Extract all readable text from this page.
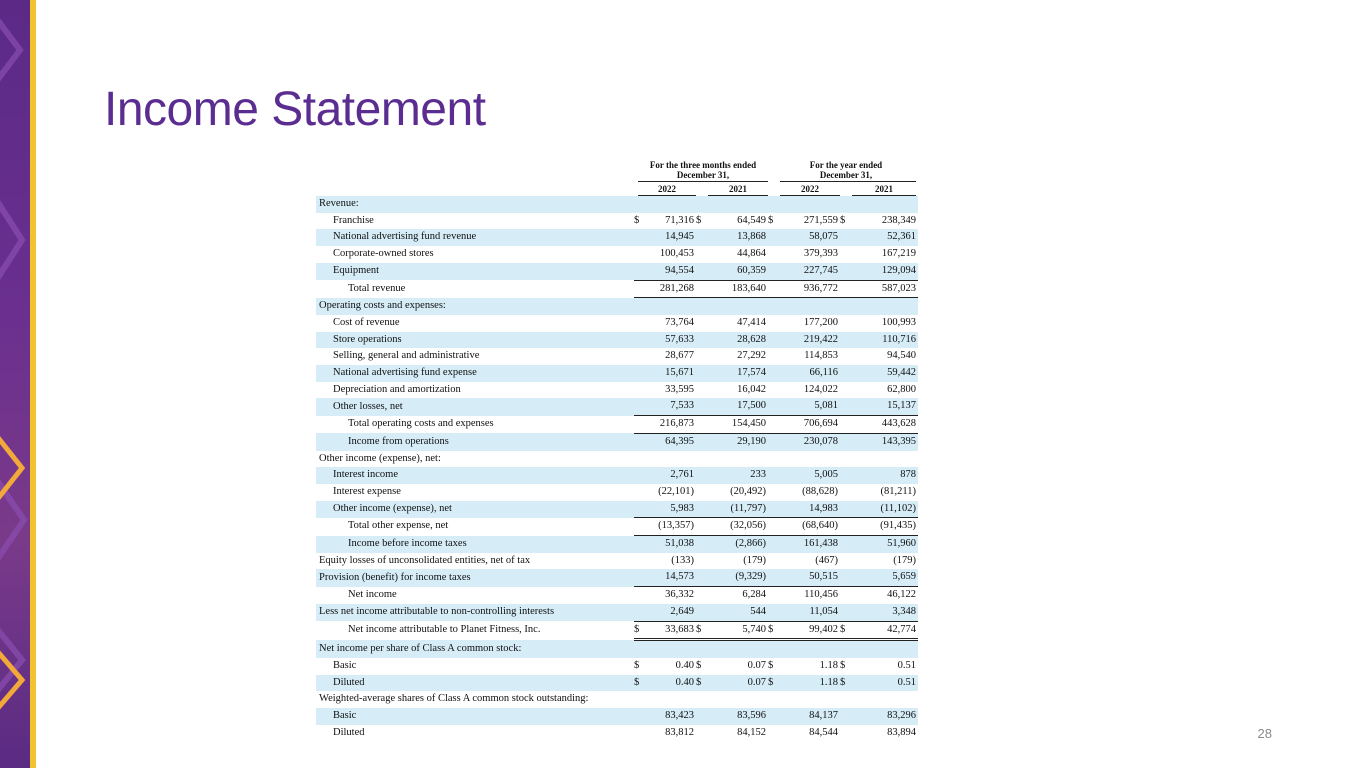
Income Statement
For the three months ended
December 31,
For the year ended
December 31,
2022	2021	2022	2021
Revenue:								
Franchise	$	71,316	$	64,549	$	271,559	$	238,349
National advertising fund revenue		14,945		13,868		58,075		52,361
Corporate-owned stores		100,453		44,864		379,393		167,219
Equipment		94,554		60,359		227,745		129,094
Total revenue		281,268		183,640		936,772		587,023
Operating costs and expenses:								
Cost of revenue		73,764		47,414		177,200		100,993
Store operations		57,633		28,628		219,422		110,716
Selling, general and administrative		28,677		27,292		114,853		94,540
National advertising fund expense		15,671		17,574		66,116		59,442
Depreciation and amortization		33,595		16,042		124,022		62,800
Other losses, net		7,533		17,500		5,081		15,137
Total operating costs and expenses		216,873		154,450		706,694		443,628
Income from operations		64,395		29,190		230,078		143,395
Other income (expense), net:								
Interest income		2,761		233		5,005		878
Interest expense		(22,101)		(20,492)		(88,628)		(81,211)
Other income (expense), net		5,983		(11,797)		14,983		(11,102)
Total other expense, net		(13,357)		(32,056)		(68,640)		(91,435)
Income before income taxes		51,038		(2,866)		161,438		51,960
Equity losses of unconsolidated entities, net of tax		(133)		(179)		(467)		(179)
Provision (benefit) for income taxes		14,573		(9,329)		50,515		5,659
Net income		36,332		6,284		110,456		46,122
Less net income attributable to non-controlling interests		2,649		544		11,054		3,348
Net income attributable to Planet Fitness, Inc.	$	33,683	$	5,740	$	99,402	$	42,774
Net income per share of Class A common stock:								
Basic	$	0.40	$	0.07	$	1.18	$	0.51
Diluted	$	0.40	$	0.07	$	1.18	$	0.51
Weighted-average shares of Class A common stock outstanding:								
Basic		83,423		83,596		84,137		83,296
Diluted		83,812		84,152		84,544		83,894	28
